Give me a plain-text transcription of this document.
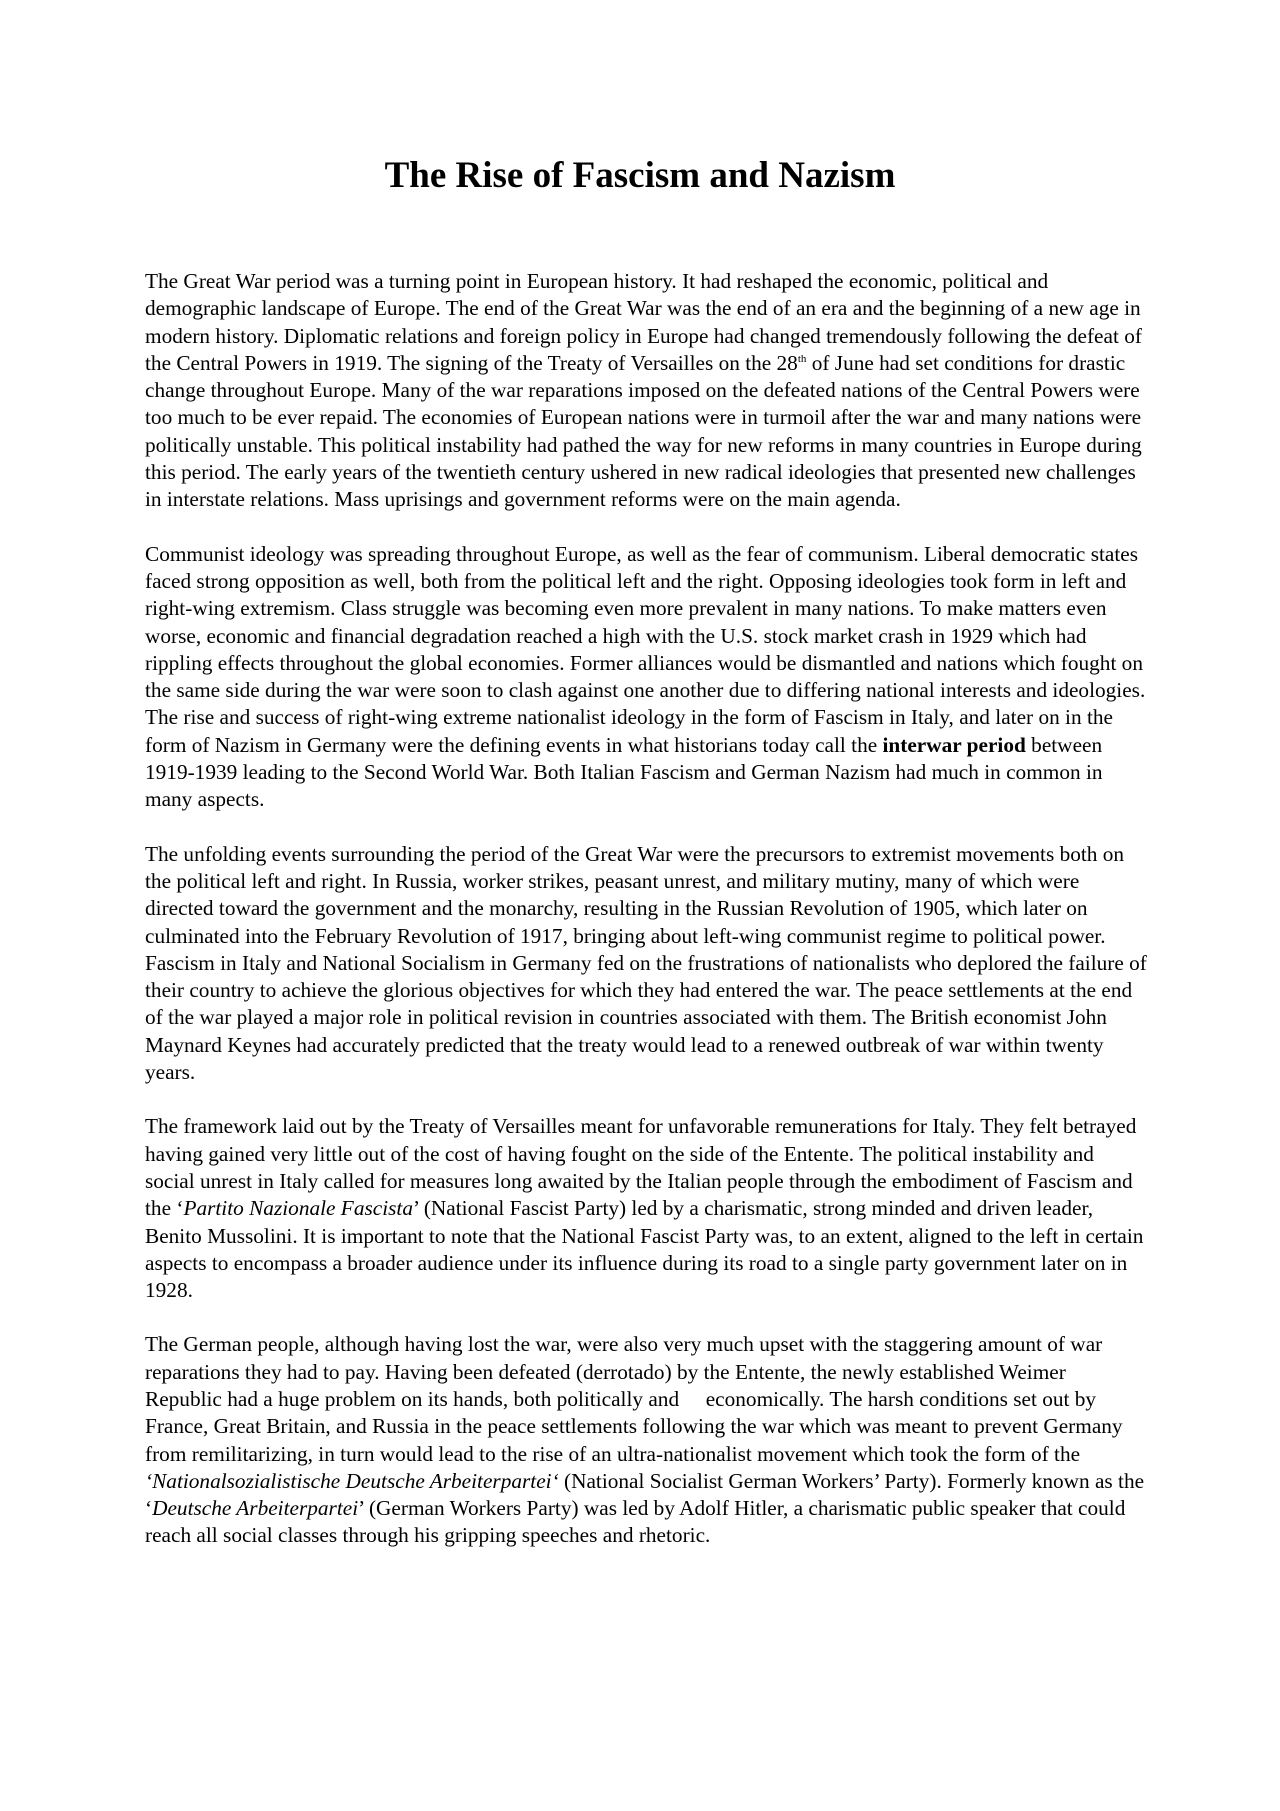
The Rise of Fascism and Nazism

The Great War period was a turning point in European history. It had reshaped the economic, political and demographic landscape of Europe. The end of the Great War was the end of an era and the beginning of a new age in modern history. Diplomatic relations and foreign policy in Europe had changed tremendously following the defeat of the Central Powers in 1919. The signing of the Treaty of Versailles on the 28th of June had set conditions for drastic change throughout Europe. Many of the war reparations imposed on the defeated nations of the Central Powers were too much to be ever repaid. The economies of European nations were in turmoil after the war and many nations were politically unstable. This political instability had pathed the way for new reforms in many countries in Europe during this period. The early years of the twentieth century ushered in new radical ideologies that presented new challenges in interstate relations. Mass uprisings and government reforms were on the main agenda.

Communist ideology was spreading throughout Europe, as well as the fear of communism. Liberal democratic states faced strong opposition as well, both from the political left and the right. Opposing ideologies took form in left and right-wing extremism. Class struggle was becoming even more prevalent in many nations. To make matters even worse, economic and financial degradation reached a high with the U.S. stock market crash in 1929 which had rippling effects throughout the global economies. Former alliances would be dismantled and nations which fought on the same side during the war were soon to clash against one another due to differing national interests and ideologies. The rise and success of right-wing extreme nationalist ideology in the form of Fascism in Italy, and later on in the form of Nazism in Germany were the defining events in what historians today call the interwar period between 1919-1939 leading to the Second World War. Both Italian Fascism and German Nazism had much in common in many aspects.

The unfolding events surrounding the period of the Great War were the precursors to extremist movements both on the political left and right. In Russia, worker strikes, peasant unrest, and military mutiny, many of which were directed toward the government and the monarchy, resulting in the Russian Revolution of 1905, which later on culminated into the February Revolution of 1917, bringing about left-wing communist regime to political power. Fascism in Italy and National Socialism in Germany fed on the frustrations of nationalists who deplored the failure of their country to achieve the glorious objectives for which they had entered the war. The peace settlements at the end of the war played a major role in political revision in countries associated with them. The British economist John Maynard Keynes had accurately predicted that the treaty would lead to a renewed outbreak of war within twenty years.

The framework laid out by the Treaty of Versailles meant for unfavorable remunerations for Italy. They felt betrayed having gained very little out of the cost of having fought on the side of the Entente. The political instability and social unrest in Italy called for measures long awaited by the Italian people through the embodiment of Fascism and the ‘Partito Nazionale Fascista’ (National Fascist Party) led by a charismatic, strong minded and driven leader, Benito Mussolini. It is important to note that the National Fascist Party was, to an extent, aligned to the left in certain aspects to encompass a broader audience under its influence during its road to a single party government later on in 1928.

The German people, although having lost the war, were also very much upset with the staggering amount of war reparations they had to pay. Having been defeated (derrotado) by the Entente, the newly established Weimer Republic had a huge problem on its hands, both politically and     economically. The harsh conditions set out by France, Great Britain, and Russia in the peace settlements following the war which was meant to prevent Germany from remilitarizing, in turn would lead to the rise of an ultra-nationalist movement which took the form of the ‘Nationalsozialistische Deutsche Arbeiterpartei‘ (National Socialist German Workers’ Party). Formerly known as the ‘Deutsche Arbeiterpartei’ (German Workers Party) was led by Adolf Hitler, a charismatic public speaker that could reach all social classes through his gripping speeches and rhetoric.
